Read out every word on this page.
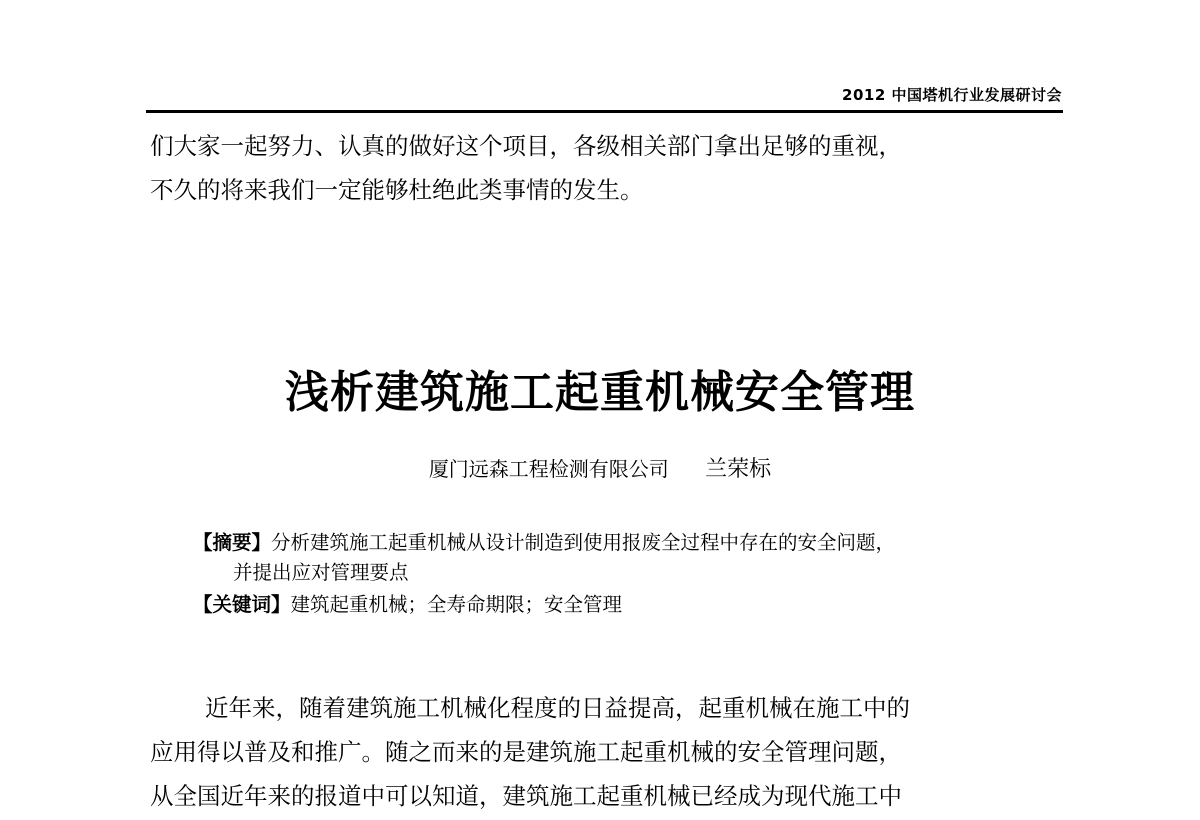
2012 中国塔机行业发展研讨会

们大家一起努力、认真的做好这个项目，各级相关部门拿出足够的重视，
不久的将来我们一定能够杜绝此类事情的发生。

浅析建筑施工起重机械安全管理
厦门远森工程检测有限公司 兰荣标
【摘要】分析建筑施工起重机械从设计制造到使用报废全过程中存在的安全问题，
并提出应对管理要点
【关键词】建筑起重机械；全寿命期限；安全管理

近年来，随着建筑施工机械化程度的日益提高，起重机械在施工中的
应用得以普及和推广。随之而来的是建筑施工起重机械的安全管理问题，
从全国近年来的报道中可以知道，建筑施工起重机械已经成为现代施工中
